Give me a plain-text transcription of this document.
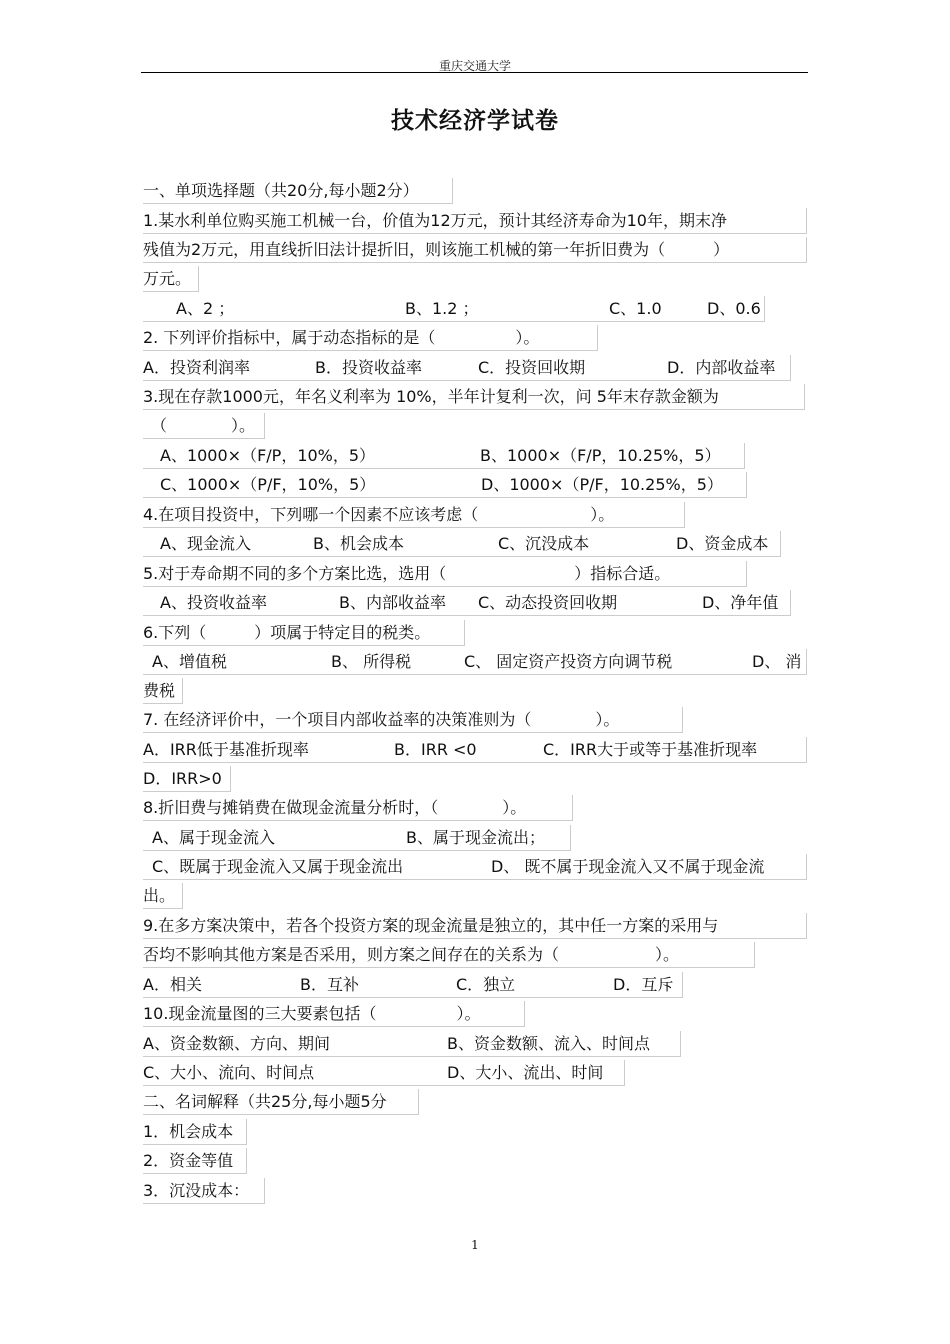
重庆交通大学
技术经济学试卷
一、单项选择题（共20分,每小题2分）
1.某水利单位购买施工机械一台，价值为12万元，预计其经济寿命为10年，期末净
残值为2万元，用直线折旧法计提折旧，则该施工机械的第一年折旧费为（　　　）
万元。
A、2 ；	B、1.2 ；	C、1.0	D、0.6
2. 下列评价指标中，属于动态指标的是（　　　　　）。
A．投资利润率	B．投资收益率	C．投资回收期	D．内部收益率
3.现在存款1000元，年名义利率为 10%，半年计复利一次，问 5年末存款金额为
（　　　　）。
A、1000×（F/P，10%，5）	B、1000×（F/P，10.25%，5）
C、1000×（P/F，10%，5）	D、1000×（P/F，10.25%，5）
4.在项目投资中，下列哪一个因素不应该考虑（　　　　　　　）。
A、现金流入	B、机会成本	C、沉没成本	D、资金成本
5.对于寿命期不同的多个方案比选，选用（　　　　　　　　）指标合适。
A、投资收益率	B、内部收益率 C、动态投资回收期	D、净年值
6.下列（　　　）项属于特定目的税类。
A、增值税	B、 所得税	C、 固定资产投资方向调节税	D、 消
费税
7. 在经济评价中，一个项目内部收益率的决策准则为（　　　　）。
A．IRR低于基准折现率	B．IRR <0	C．IRR大于或等于基准折现率
D．IRR>0
8.折旧费与摊销费在做现金流量分析时，（　　　　）。
A、属于现金流入	B、属于现金流出；
C、既属于现金流入又属于现金流出	D、 既不属于现金流入又不属于现金流
出。
9.在多方案决策中，若各个投资方案的现金流量是独立的，其中任一方案的采用与
否均不影响其他方案是否采用，则方案之间存在的关系为（　　　　　　）。
A．相关	B．互补	C．独立	D．互斥
10.现金流量图的三大要素包括（　　　　　）。
A、资金数额、方向、期间	B、资金数额、流入、时间点
C、大小、流向、时间点	D、大小、流出、时间
二、名词解释（共25分,每小题5分
1．机会成本
2．资金等值
3．沉没成本：
1
